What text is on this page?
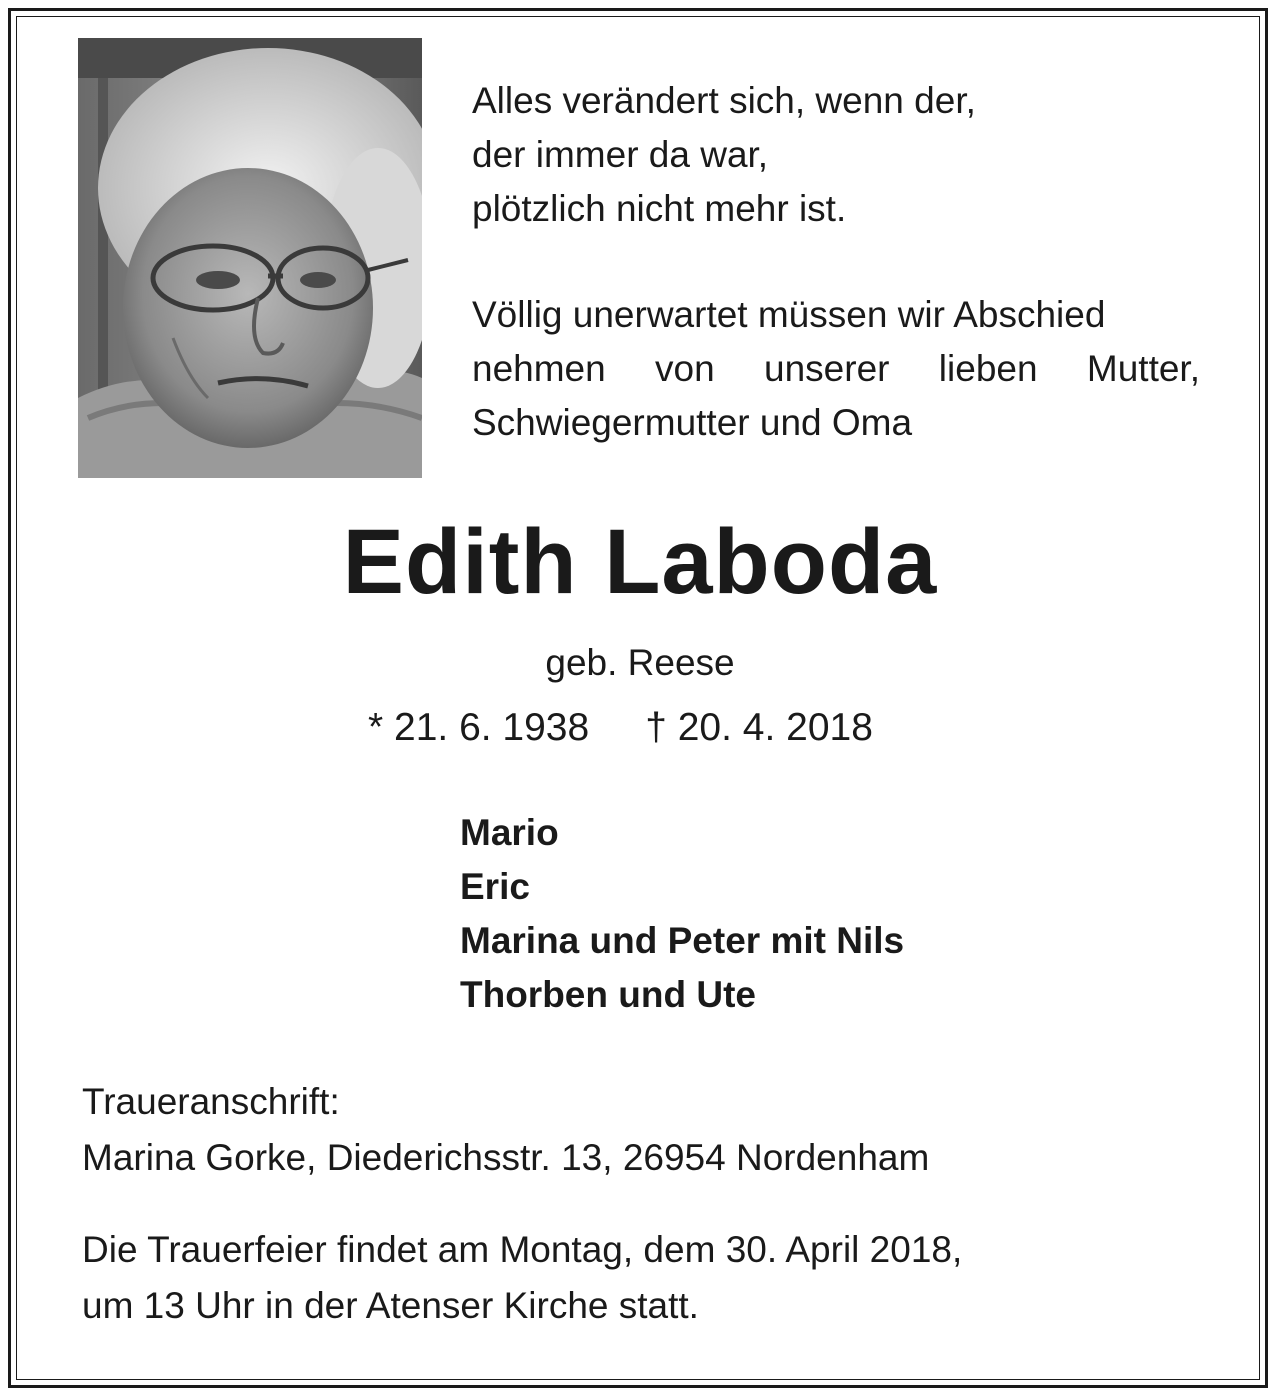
Alles verändert sich, wenn der,
der immer da war,
plötzlich nicht mehr ist.
Völlig unerwartet müssen wir Abschied
nehmen von unserer lieben Mutter,
Schwiegermutter und Oma
Edith Laboda
geb. Reese
* 21. 6. 1938 † 20. 4. 2018
Mario
Eric
Marina und Peter mit Nils
Thorben und Ute
Traueranschrift:
Marina Gorke, Diederichsstr. 13, 26954 Nordenham
Die Trauerfeier findet am Montag, dem 30. April 2018,
um 13 Uhr in der Atenser Kirche statt.
